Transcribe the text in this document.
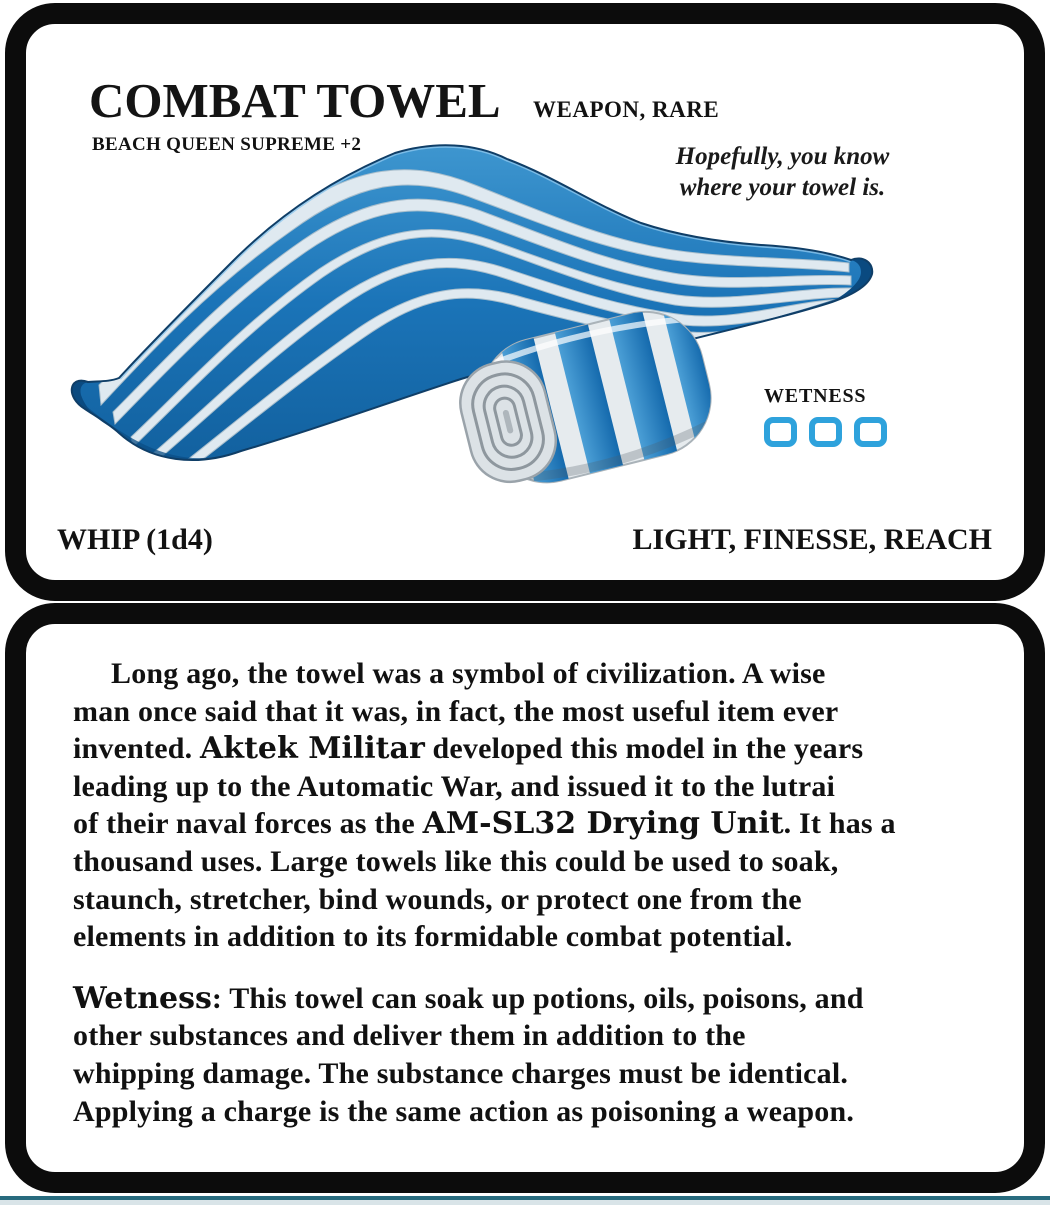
COMBAT TOWEL WEAPON, RARE
BEACH QUEEN SUPREME +2	Hopefully, you know
where your towel is.
WETNESS
WHIP (1d4)	LIGHT, FINESSE, REACH

Long ago, the towel was a symbol of civilization. A wise
man once said that it was, in fact, the most useful item ever
invented. Aktek Militar developed this model in the years
leading up to the Automatic War, and issued it to the lutrai
of their naval forces as the AM-SL32 Drying Unit. It has a
thousand uses. Large towels like this could be used to soak,
staunch, stretcher, bind wounds, or protect one from the
elements in addition to its formidable combat potential.

Wetness: This towel can soak up potions, oils, poisons, and
other substances and deliver them in addition to the
whipping damage. The substance charges must be identical.
Applying a charge is the same action as poisoning a weapon.
